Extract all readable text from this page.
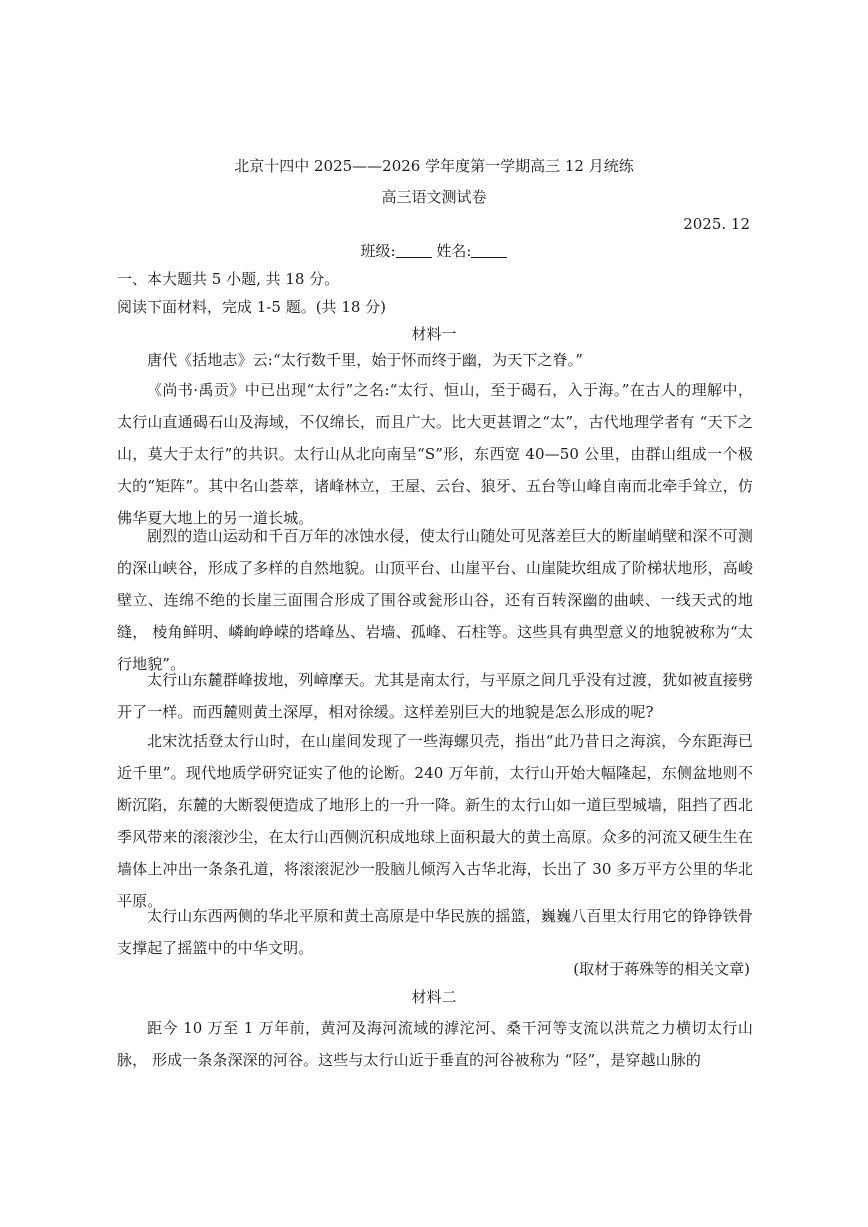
北京十四中 2025——2026 学年度第一学期高三 12 月统练
高三语文测试卷
2025. 12
班级:	姓名:
一、本大题共 5 小题, 共 18 分。
阅读下面材料，完成 1-5 题。(共 18 分)
材料一
唐代《括地志》云:“太行数千里，始于怀而终于幽，为天下之脊。”
《尚书·禹贡》中已出现“太行”之名:“太行、恒山，至于碣石，入于海。”在古人的理解中，太行山直通碣石山及海域，不仅绵长，而且广大。比大更甚谓之“太”，古代地理学者有 “天下之山，莫大于太行”的共识。太行山从北向南呈“S”形，东西宽 40—50 公里，由群山组成一个极大的“矩阵”。其中名山荟萃，诸峰林立，王屋、云台、狼牙、五台等山峰自南而北牵手耸立，仿佛华夏大地上的另一道长城。
剧烈的造山运动和千百万年的冰蚀水侵，使太行山随处可见落差巨大的断崖峭壁和深不可测的深山峡谷，形成了多样的自然地貌。山顶平台、山崖平台、山崖陡坎组成了阶梯状地形，高峻壁立、连绵不绝的长崖三面围合形成了围谷或瓮形山谷，还有百转深幽的曲峡、一线天式的地缝， 棱角鲜明、嶙峋峥嵘的塔峰丛、岩墙、孤峰、石柱等。这些具有典型意义的地貌被称为“太行地貌”。
太行山东麓群峰拔地，列嶂摩天。尤其是南太行，与平原之间几乎没有过渡，犹如被直接劈开了一样。而西麓则黄土深厚，相对徐缓。这样差别巨大的地貌是怎么形成的呢?
北宋沈括登太行山时，在山崖间发现了一些海螺贝壳，指出“此乃昔日之海滨，今东距海已近千里”。现代地质学研究证实了他的论断。240 万年前，太行山开始大幅隆起，东侧盆地则不断沉陷，东麓的大断裂便造成了地形上的一升一降。新生的太行山如一道巨型城墙，阻挡了西北季风带来的滚滚沙尘，在太行山西侧沉积成地球上面积最大的黄土高原。众多的河流又硬生生在墙体上冲出一条条孔道，将滚滚泥沙一股脑儿倾泻入古华北海，长出了 30 多万平方公里的华北平原。
太行山东西两侧的华北平原和黄土高原是中华民族的摇篮，巍巍八百里太行用它的铮铮铁骨支撑起了摇篮中的中华文明。
(取材于蒋殊等的相关文章)
材料二
距今 10 万至 1 万年前，黄河及海河流域的滹沱河、桑干河等支流以洪荒之力横切太行山脉， 形成一条条深深的河谷。这些与太行山近于垂直的河谷被称为 “陉”，是穿越山脉的
